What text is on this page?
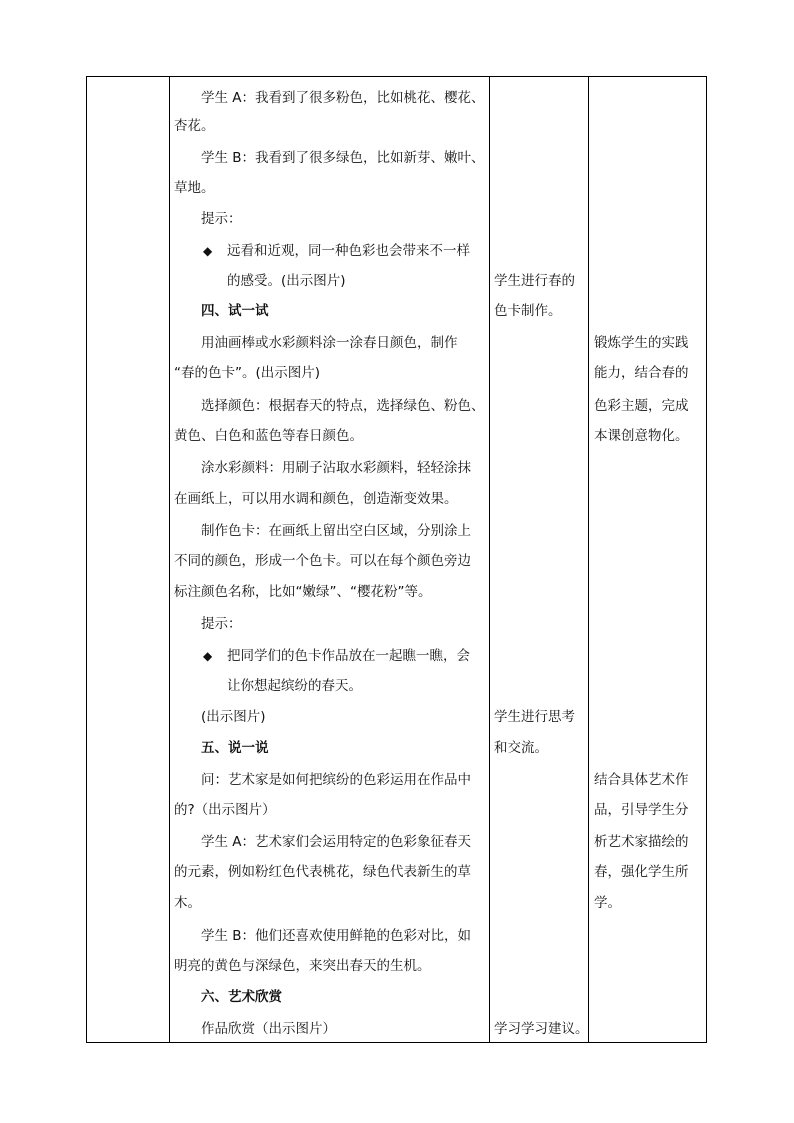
学生 A：我看到了很多粉色，比如桃花、樱花、
杏花。
学生 B：我看到了很多绿色，比如新芽、嫩叶、
草地。
提示：
远看和近观，同一种色彩也会带来不一样
◆
的感受。(出示图片)
四、试一试
用油画棒或水彩颜料涂一涂春日颜色，制作
“春的色卡”。(出示图片)
选择颜色：根据春天的特点，选择绿色、粉色、
黄色、白色和蓝色等春日颜色。
涂水彩颜料：用刷子沾取水彩颜料，轻轻涂抹
在画纸上，可以用水调和颜色，创造渐变效果。
制作色卡：在画纸上留出空白区域，分别涂上
不同的颜色，形成一个色卡。可以在每个颜色旁边
标注颜色名称，比如“嫩绿”、“樱花粉”等。
提示：
把同学们的色卡作品放在一起瞧一瞧，会
◆
让你想起缤纷的春天。
(出示图片)
五、说一说
问：艺术家是如何把缤纷的色彩运用在作品中
的?（出示图片）
学生 A：艺术家们会运用特定的色彩象征春天
的元素，例如粉红色代表桃花，绿色代表新生的草
木。
学生 B：他们还喜欢使用鲜艳的色彩对比，如
明亮的黄色与深绿色，来突出春天的生机。
六、艺术欣赏
作品欣赏（出示图片）
学生进行春的
色卡制作。
学生进行思考
和交流。
学习学习建议。
锻炼学生的实践
能力，结合春的
色彩主题，完成
本课创意物化。
结合具体艺术作
品，引导学生分
析艺术家描绘的
春，强化学生所
学。
